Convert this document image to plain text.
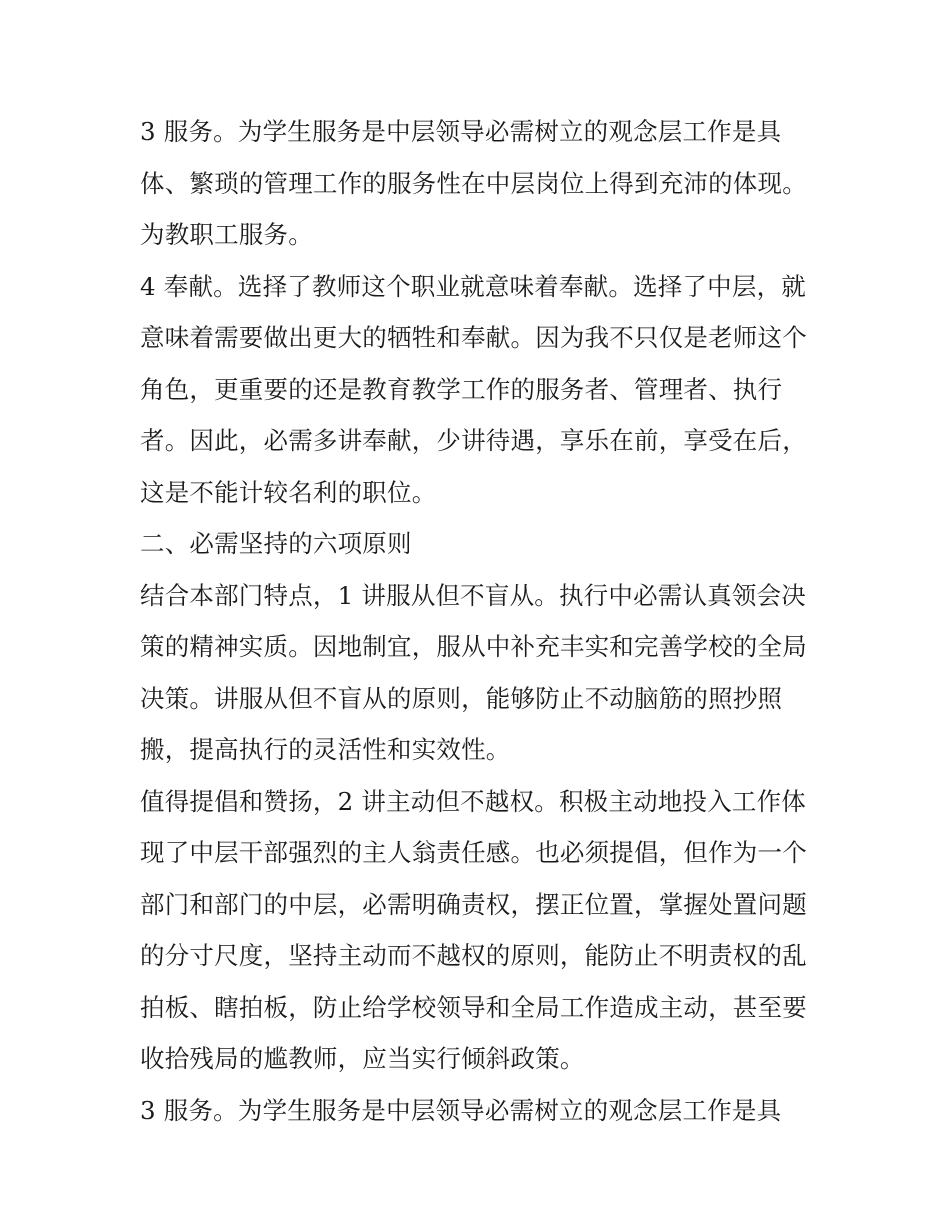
3 服务。为学生服务是中层领导必需树立的观念层工作是具
体、繁琐的管理工作的服务性在中层岗位上得到充沛的体现。
为教职工服务。
4 奉献。选择了教师这个职业就意味着奉献。选择了中层，就
意味着需要做出更大的牺牲和奉献。因为我不只仅是老师这个
角色，更重要的还是教育教学工作的服务者、管理者、执行
者。因此，必需多讲奉献，少讲待遇，享乐在前，享受在后，
这是不能计较名利的职位。
二、必需坚持的六项原则
结合本部门特点，1 讲服从但不盲从。执行中必需认真领会决
策的精神实质。因地制宜，服从中补充丰实和完善学校的全局
决策。讲服从但不盲从的原则，能够防止不动脑筋的照抄照
搬，提高执行的灵活性和实效性。
值得提倡和赞扬，2 讲主动但不越权。积极主动地投入工作体
现了中层干部强烈的主人翁责任感。也必须提倡，但作为一个
部门和部门的中层，必需明确责权，摆正位置，掌握处置问题
的分寸尺度，坚持主动而不越权的原则，能防止不明责权的乱
拍板、瞎拍板，防止给学校领导和全局工作造成主动，甚至要
收拾残局的尴教师，应当实行倾斜政策。
3 服务。为学生服务是中层领导必需树立的观念层工作是具
